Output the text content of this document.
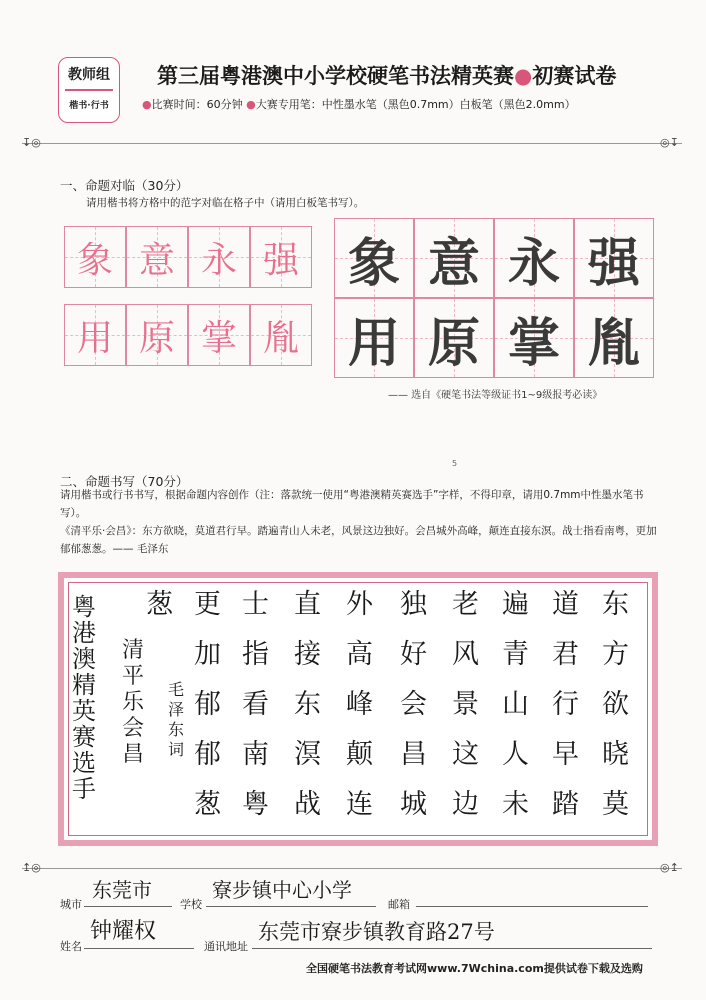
教师组
楷书·行书
第三届粤港澳中小学校硬笔书法精英赛●初赛试卷
●比赛时间：60分钟 ●大赛专用笔：中性墨水笔（黑色0.7mm）白板笔（黑色2.0mm）
↧◎	◎↧
一、命题对临（30分）
请用楷书将方格中的范字对临在格子中（请用白板笔书写）。
象 意 永 强
用 原 掌 胤
象 意 永 强
用 原 掌 胤
—— 选自《硬笔书法等级证书1~9级报考必读》
5
二、命题书写（70分）
请用楷书或行书书写，根据命题内容创作（注：落款统一使用“粤港澳精英赛选手”字样，不得印章，请用0.7mm中性墨水笔书写）。
《清平乐·会昌》：东方欲晓，莫道君行早。踏遍青山人未老，风景这边独好。会昌城外高峰，颠连直接东溟。战士指看南粤，更加郁郁葱葱。—— 毛泽东
东
方
欲
晓
莫
道
君
行
早
踏
遍
青
山
人
未
老
风
景
这
边
独
好
会
昌
城
外
高
峰
颠
连
直
接
东
溟
战
士
指
看
南
粤
更
加
郁
郁
葱
葱
粤
港
澳
精
英
赛
选
手
清
平
乐
会
昌
毛
泽
东
词
↥◎	◎↥
城市
东莞市
学校
寮步镇中心小学
邮箱
姓名
钟耀权
通讯地址
东莞市寮步镇教育路27号
全国硬笔书法教育考试网www.7Wchina.com提供试卷下载及选购
